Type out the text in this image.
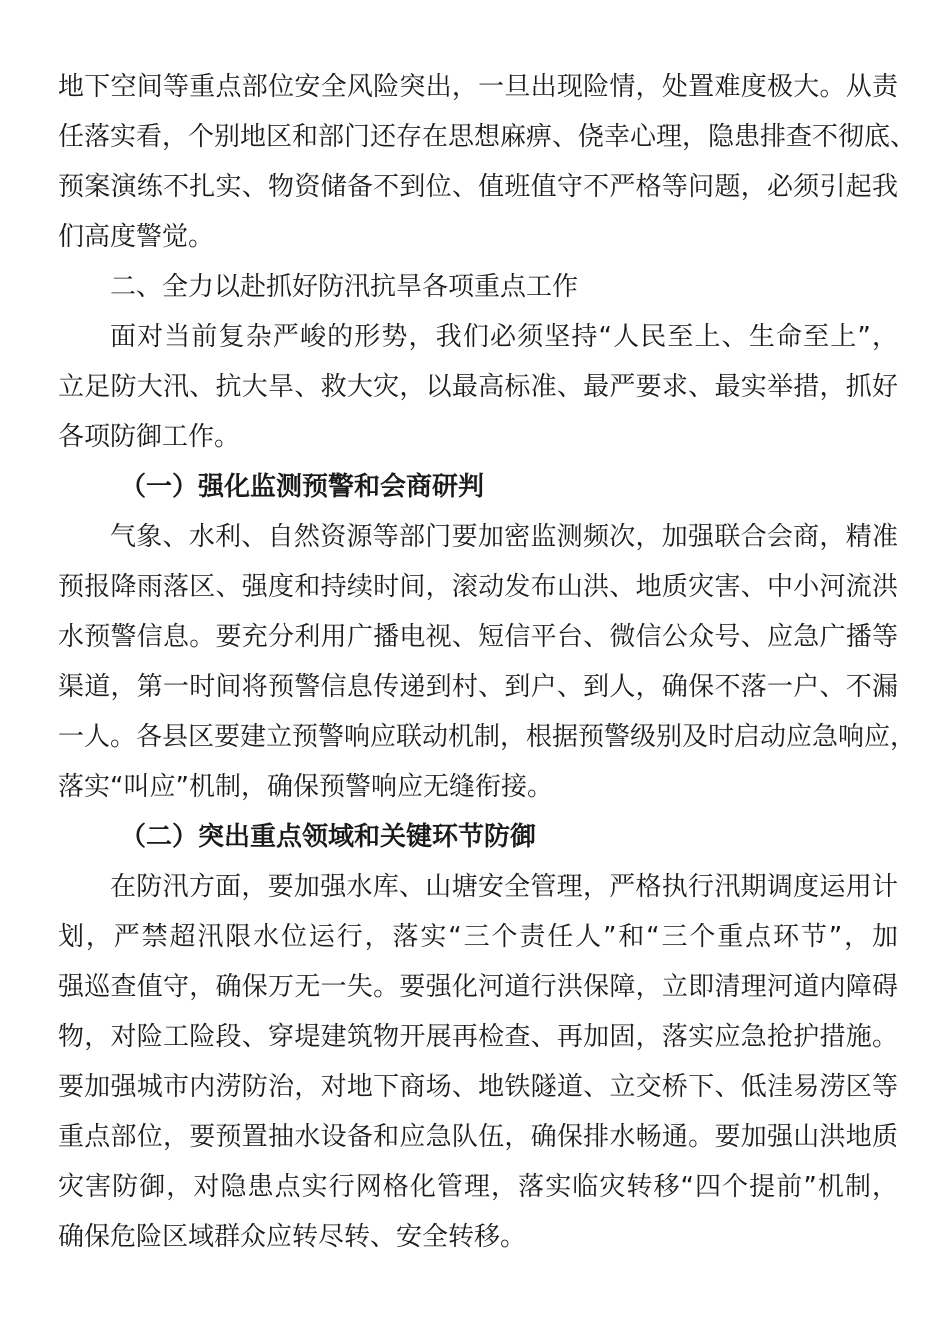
地下空间等重点部位安全风险突出，一旦出现险情，处置难度极大。从责
任落实看，个别地区和部门还存在思想麻痹、侥幸心理，隐患排查不彻底、
预案演练不扎实、物资储备不到位、值班值守不严格等问题，必须引起我
们高度警觉。
二、全力以赴抓好防汛抗旱各项重点工作
面对当前复杂严峻的形势，我们必须坚持“人民至上、生命至上”，
立足防大汛、抗大旱、救大灾，以最高标准、最严要求、最实举措，抓好
各项防御工作。
（一）强化监测预警和会商研判
气象、水利、自然资源等部门要加密监测频次，加强联合会商，精准
预报降雨落区、强度和持续时间，滚动发布山洪、地质灾害、中小河流洪
水预警信息。要充分利用广播电视、短信平台、微信公众号、应急广播等
渠道，第一时间将预警信息传递到村、到户、到人，确保不落一户、不漏
一人。各县区要建立预警响应联动机制，根据预警级别及时启动应急响应，
落实“叫应”机制，确保预警响应无缝衔接。
（二）突出重点领域和关键环节防御
在防汛方面，要加强水库、山塘安全管理，严格执行汛期调度运用计
划，严禁超汛限水位运行，落实“三个责任人”和“三个重点环节”，加
强巡查值守，确保万无一失。要强化河道行洪保障，立即清理河道内障碍
物，对险工险段、穿堤建筑物开展再检查、再加固，落实应急抢护措施。
要加强城市内涝防治，对地下商场、地铁隧道、立交桥下、低洼易涝区等
重点部位，要预置抽水设备和应急队伍，确保排水畅通。要加强山洪地质
灾害防御，对隐患点实行网格化管理，落实临灾转移“四个提前”机制，
确保危险区域群众应转尽转、安全转移。
